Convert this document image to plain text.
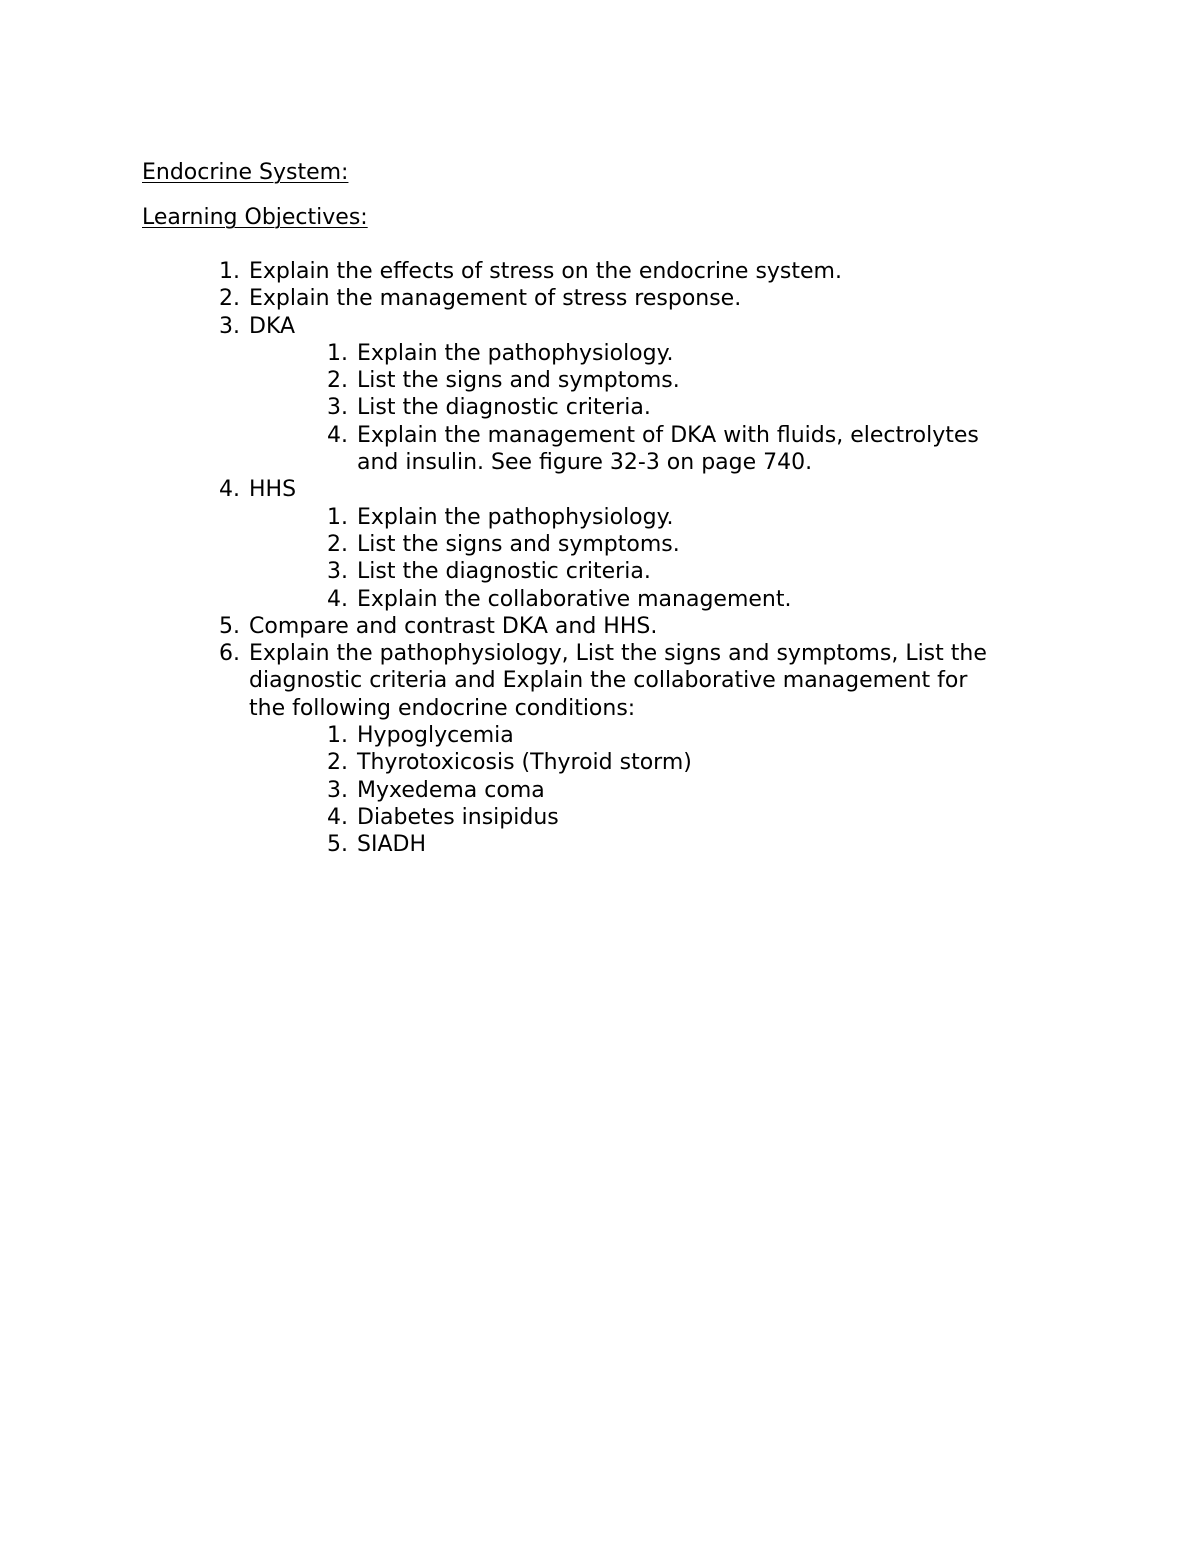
Endocrine System:
Learning Objectives:
1. Explain the effects of stress on the endocrine system.
2. Explain the management of stress response.
3. DKA
1. Explain the pathophysiology.
2. List the signs and symptoms.
3. List the diagnostic criteria.
4. Explain the management of DKA with fluids, electrolytes
and insulin. See figure 32-3 on page 740.
4. HHS
1. Explain the pathophysiology.
2. List the signs and symptoms.
3. List the diagnostic criteria.
4. Explain the collaborative management.
5. Compare and contrast DKA and HHS.
6. Explain the pathophysiology, List the signs and symptoms, List the
diagnostic criteria and Explain the collaborative management for
the following endocrine conditions:
1. Hypoglycemia
2. Thyrotoxicosis (Thyroid storm)
3. Myxedema coma
4. Diabetes insipidus
5. SIADH
